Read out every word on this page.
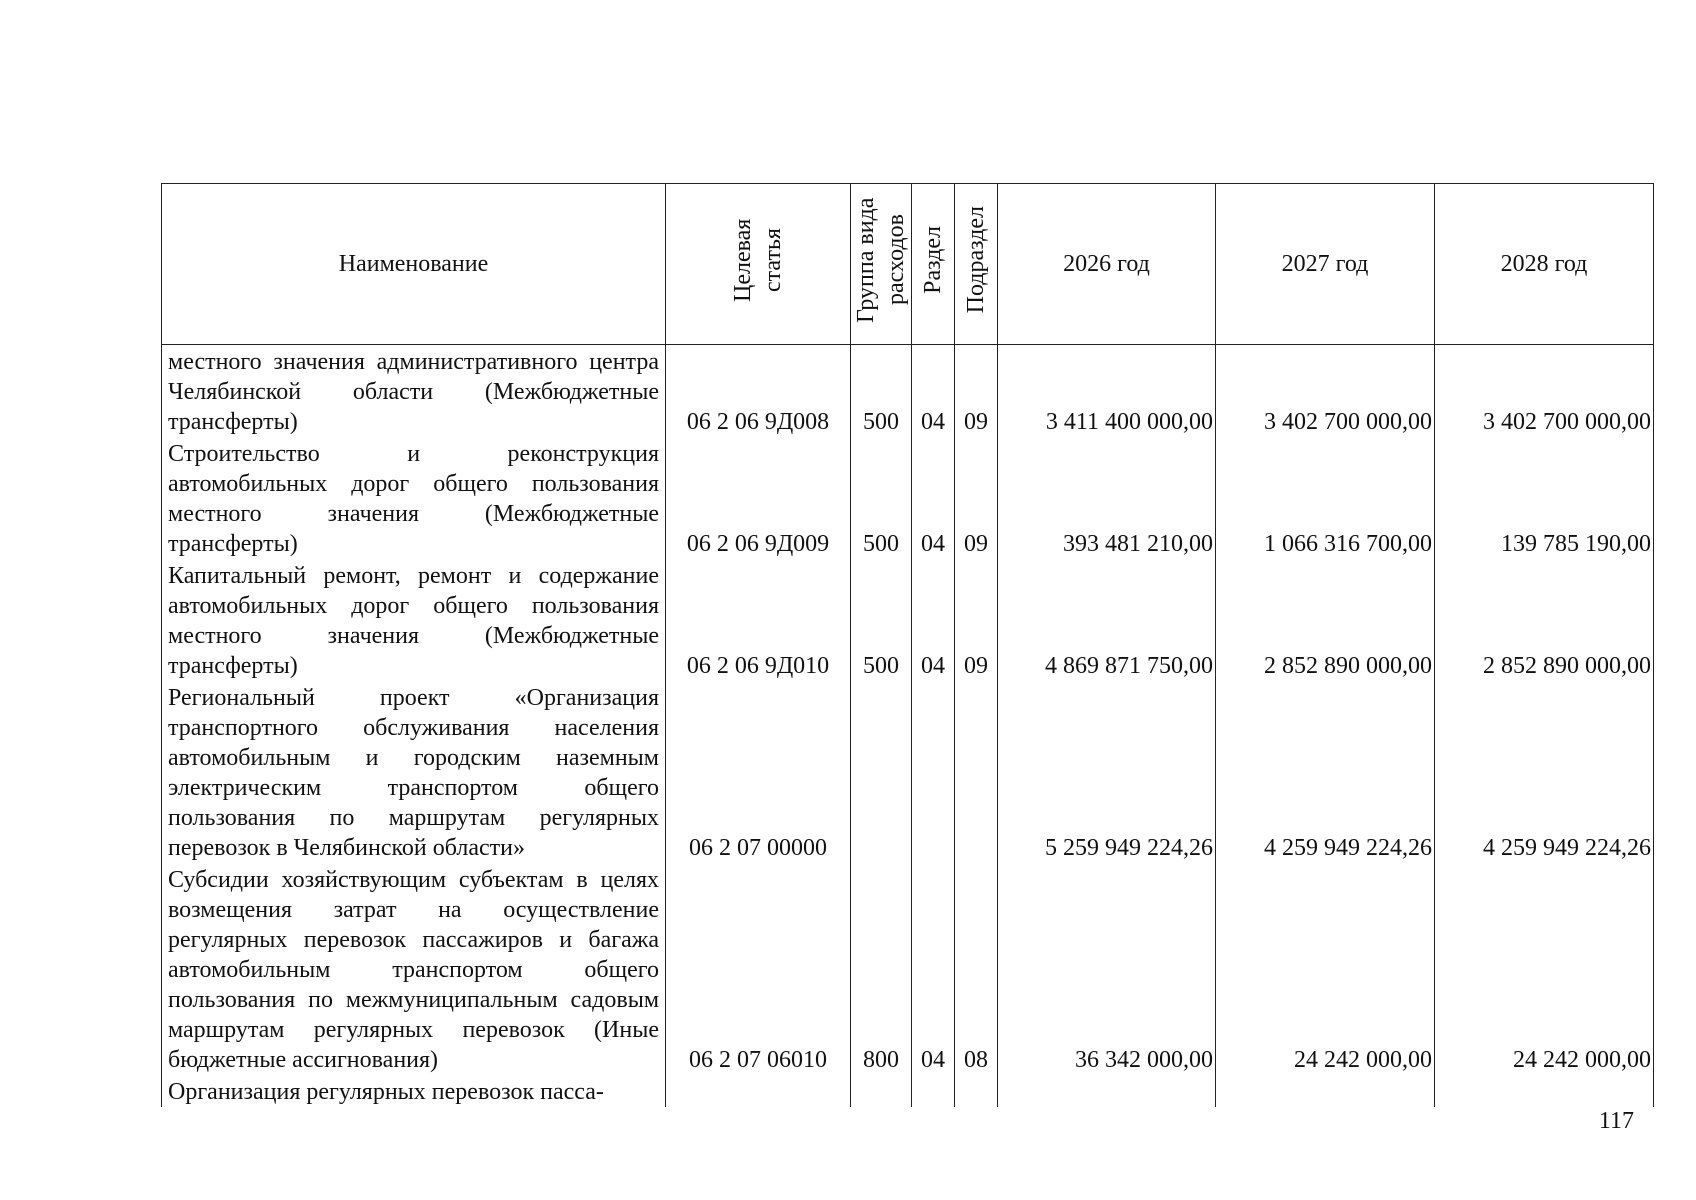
Наименование	Целевая статья	Группа вида расходов	Раздел	Подраздел	2026 год	2027 год	2028 год
местного значения административного центра Челябинской области (Межбюджетные трансферты)	06 2 06 9Д008	500	04	09	3 411 400 000,00	3 402 700 000,00	3 402 700 000,00
Строительство и реконструкция автомобильных дорог общего пользования местного значения (Межбюджетные трансферты)	06 2 06 9Д009	500	04	09	393 481 210,00	1 066 316 700,00	139 785 190,00
Капитальный ремонт, ремонт и содержание автомобильных дорог общего пользования местного значения (Межбюджетные трансферты)	06 2 06 9Д010	500	04	09	4 869 871 750,00	2 852 890 000,00	2 852 890 000,00
Региональный проект «Организация транспортного обслуживания населения автомобильным и городским наземным электрическим транспортом общего пользования по маршрутам регулярных перевозок в Челябинской области»	06 2 07 00000				5 259 949 224,26	4 259 949 224,26	4 259 949 224,26
Субсидии хозяйствующим субъектам в целях возмещения затрат на осуществление регулярных перевозок пассажиров и багажа автомобильным транспортом общего пользования по межмуниципальным садовым маршрутам регулярных перевозок (Иные бюджетные ассигнования)	06 2 07 06010	800	04	08	36 342 000,00	24 242 000,00	24 242 000,00
Организация регулярных перевозок пасса-							
117
